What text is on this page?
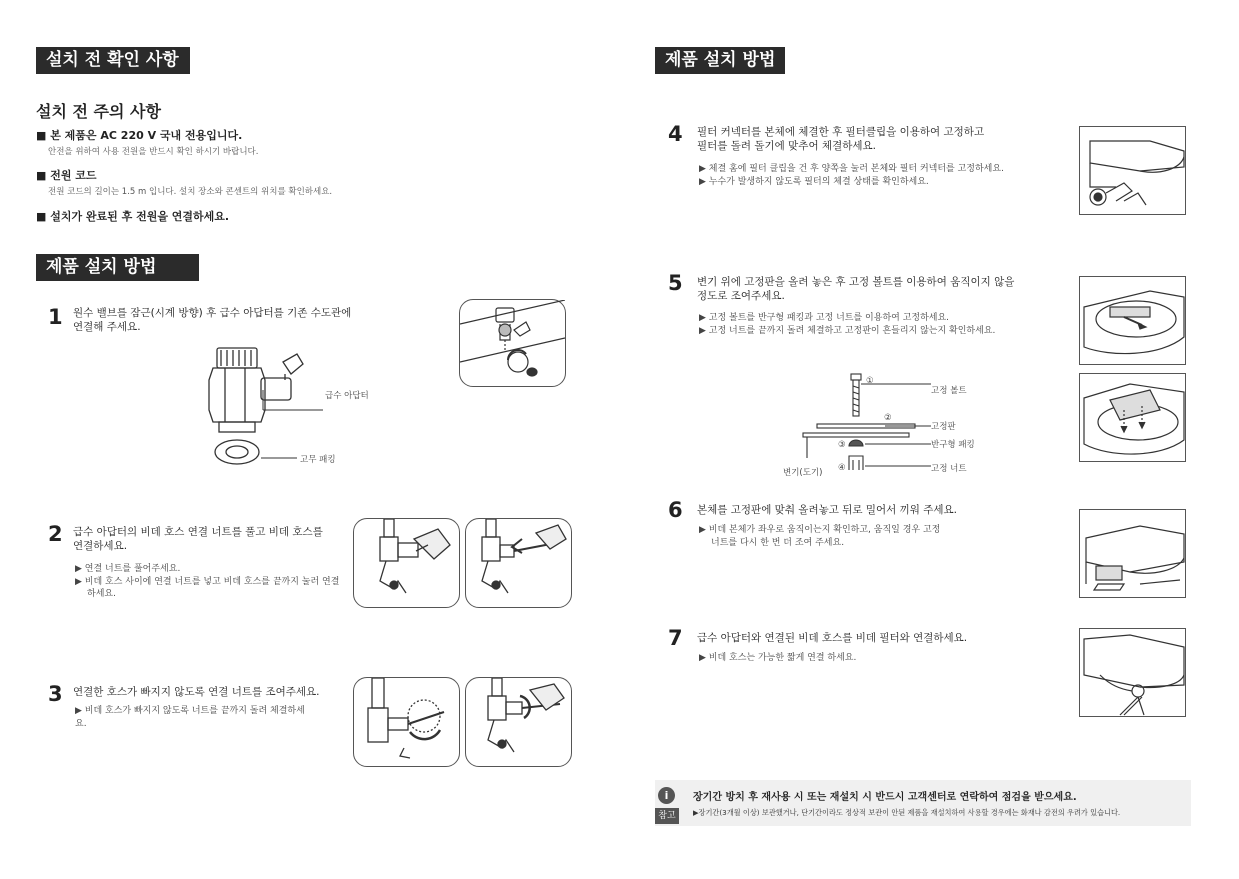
설치 전 확인 사항
설치 전 주의 사항
■ 본 제품은 AC 220 V 국내 전용입니다.
안전을 위하여 사용 전원을 반드시 확인 하시기 바랍니다.
■ 전원 코드
전원 코드의 길이는 1.5 m 입니다. 설치 장소와 콘센트의 위치를 확인하세요.
■ 설치가 완료된 후 전원을 연결하세요.
제품 설치 방법
1 원수 밸브를 잠근(시계 방향) 후 급수 아답터를 기존 수도관에
연결해 주세요.
급수 아답터
고무 패킹
2 급수 아답터의 비데 호스 연결 너트를 풀고 비데 호스를
연결하세요.
▶ 연결 너트를 풀어주세요.
▶ 비데 호스 사이에 연결 너트를 넣고 비데 호스를 끝까지 눌러 연결하세요.
3 연결한 호스가 빠지지 않도록 연결 너트를 조여주세요.
▶ 비데 호스가 빠지지 않도록 너트를 끝까지 돌려 체결하세요.
제품 설치 방법
4 필터 커넥터를 본체에 체결한 후 필터클립을 이용하여 고정하고
필터를 돌려 돌기에 맞추어 체결하세요.
▶ 체결 홈에 필터 클립을 건 후 양쪽을 눌러 본체와 필터 커넥터를 고정하세요.
▶ 누수가 발생하지 않도록 필터의 체결 상태를 확인하세요.
5 변기 위에 고정판을 올려 놓은 후 고정 볼트를 이용하여 움직이지 않을
정도로 조여주세요.
▶ 고정 볼트를 반구형 패킹과 고정 너트를 이용하여 고정하세요.
▶ 고정 너트를 끝까지 돌려 체결하고 고정판이 흔들리지 않는지 확인하세요.
①
고정 볼트
②
고정판
③	반구형 패킹
④	고정 너트
변기(도기)
6 본체를 고정판에 맞춰 올려놓고 뒤로 밀어서 끼워 주세요.
▶ 비데 본체가 좌우로 움직이는지 확인하고, 움직일 경우 고정
너트를 다시 한 번 더 조여 주세요.
7 급수 아답터와 연결된 비데 호스를 비데 필터와 연결하세요.
▶ 비데 호스는 가능한 짧게 연결 하세요.
i
참고
장기간 방치 후 재사용 시 또는 재설치 시 반드시 고객센터로 연락하여 점검을 받으세요.
▶장기간(3개월 이상) 보관했거나, 단기간이라도 정상적 보관이 안된 제품을 재설치하여 사용할 경우에는 화재나 감전의 우려가 있습니다.
